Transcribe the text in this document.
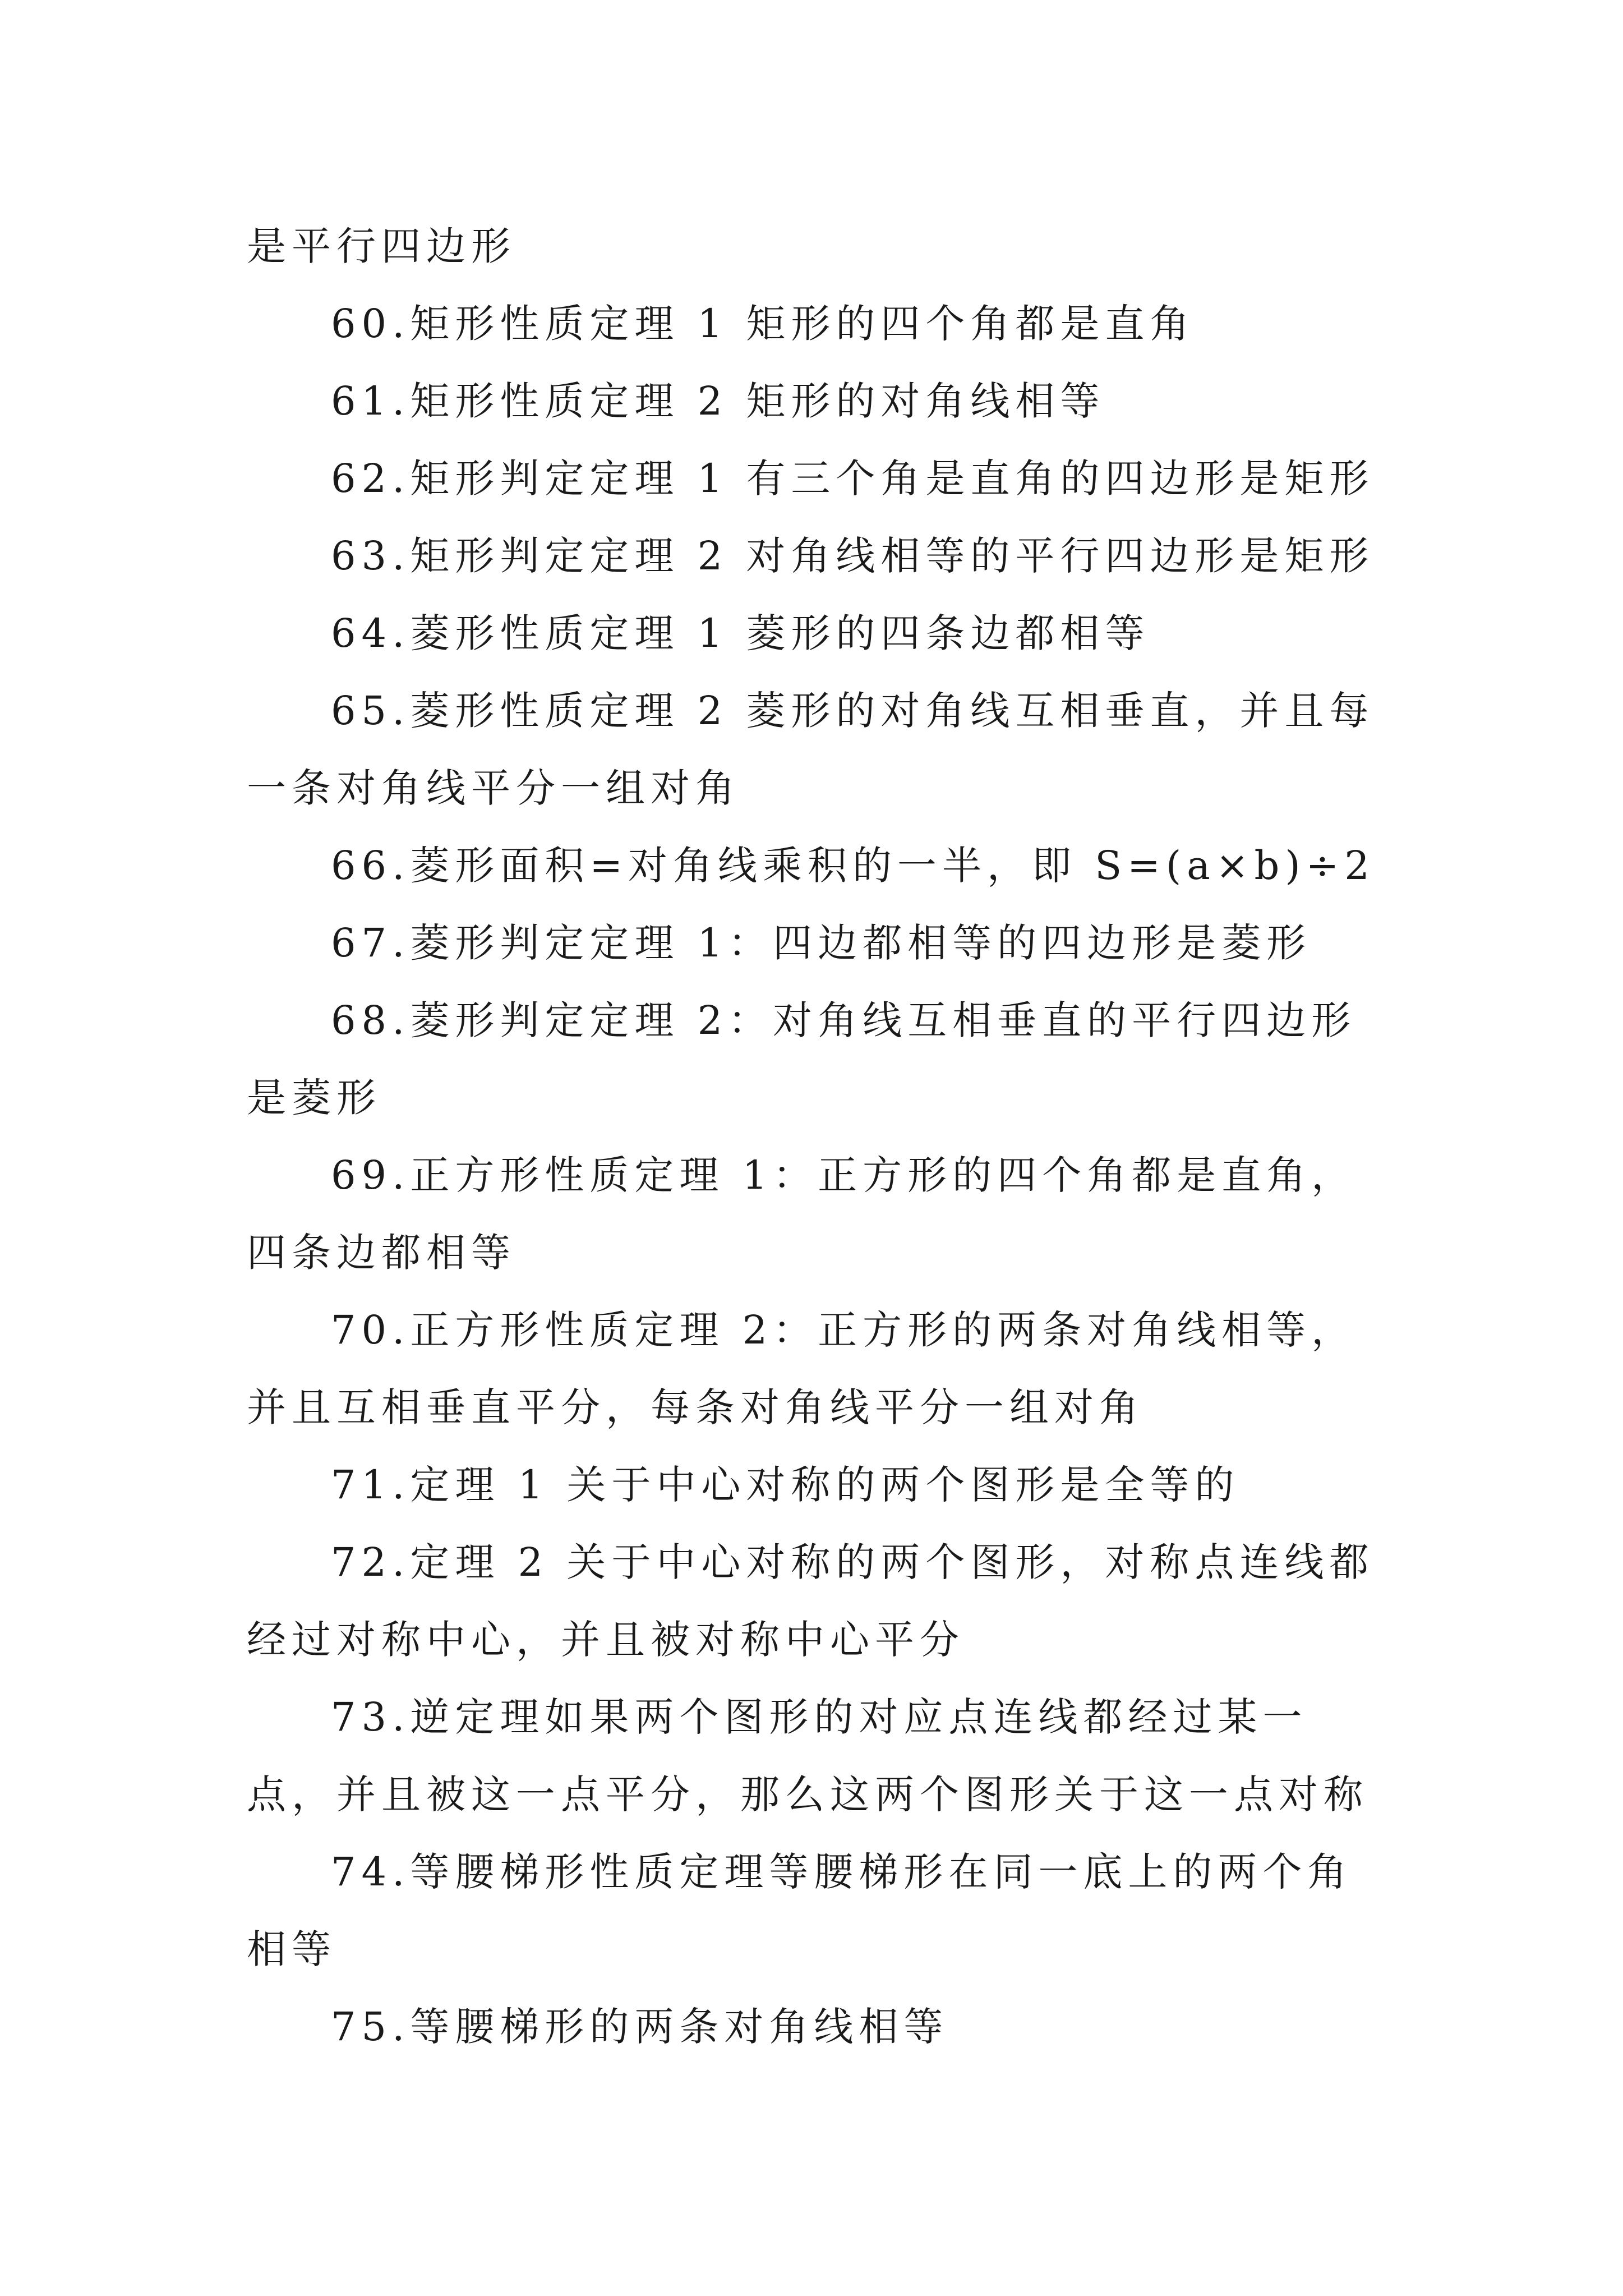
是平行四边形

60.矩形性质定理 1 矩形的四个角都是直角

61.矩形性质定理 2 矩形的对角线相等

62.矩形判定定理 1 有三个角是直角的四边形是矩形

63.矩形判定定理 2 对角线相等的平行四边形是矩形

64.菱形性质定理 1 菱形的四条边都相等

65.菱形性质定理 2 菱形的对角线互相垂直，并且每一条对角线平分一组对角

66.菱形面积=对角线乘积的一半，即 S=(a×b)÷2

67.菱形判定定理 1：四边都相等的四边形是菱形

68.菱形判定定理 2：对角线互相垂直的平行四边形是菱形

69.正方形性质定理 1：正方形的四个角都是直角，四条边都相等

70.正方形性质定理 2：正方形的两条对角线相等，并且互相垂直平分，每条对角线平分一组对角

71.定理 1 关于中心对称的两个图形是全等的

72.定理 2 关于中心对称的两个图形，对称点连线都经过对称中心，并且被对称中心平分

73.逆定理如果两个图形的对应点连线都经过某一点，并且被这一点平分，那么这两个图形关于这一点对称

74.等腰梯形性质定理等腰梯形在同一底上的两个角相等

75.等腰梯形的两条对角线相等
